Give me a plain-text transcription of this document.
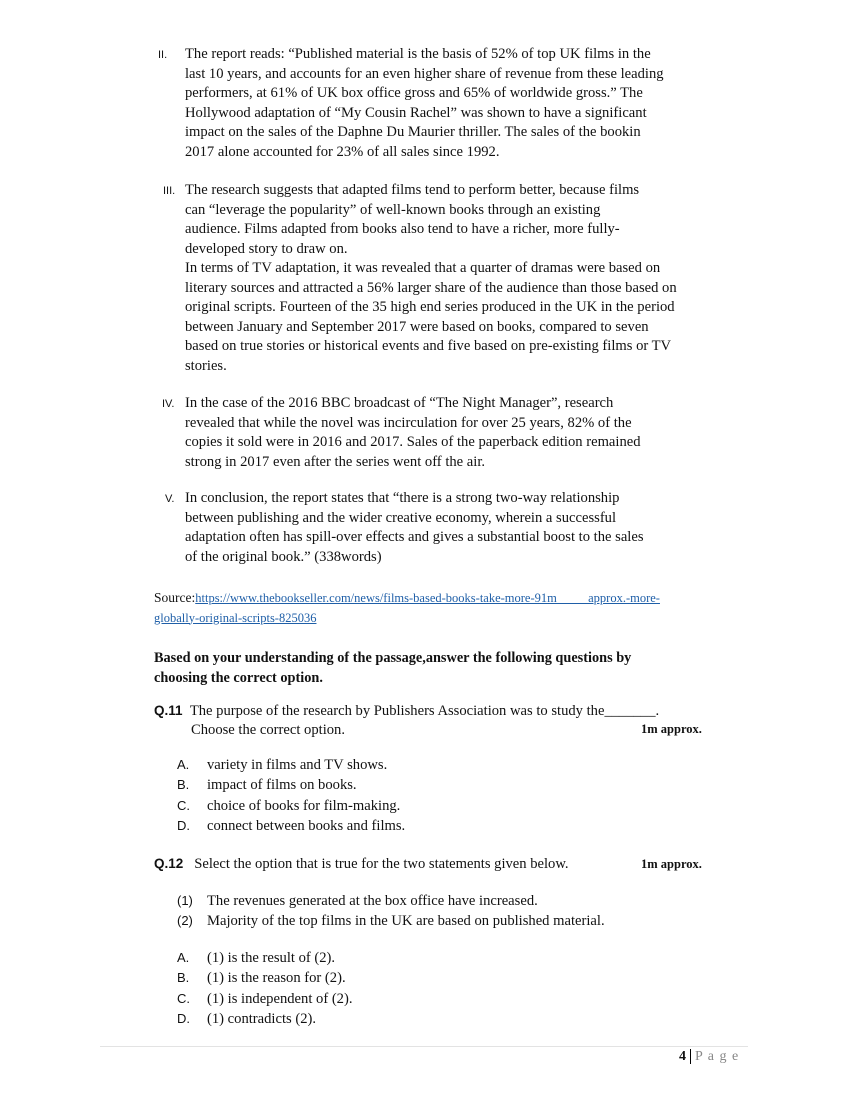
II. The report reads: “Published material is the basis of 52% of top UK films in the
last 10 years, and accounts for an even higher share of revenue from these leading
performers, at 61% of UK box office gross and 65% of worldwide gross.” The
Hollywood adaptation of “My Cousin Rachel” was shown to have a significant
impact on the sales of the Daphne Du Maurier thriller. The sales of the bookin
2017 alone accounted for 23% of all sales since 1992.
III. The research suggests that adapted films tend to perform better, because films
can “leverage the popularity” of well-known books through an existing
audience. Films adapted from books also tend to have a richer, more fully-
developed story to draw on.
In terms of TV adaptation, it was revealed that a quarter of dramas were based on
literary sources and attracted a 56% larger share of the audience than those based on
original scripts. Fourteen of the 35 high end series produced in the UK in the period
between January and September 2017 were based on books, compared to seven
based on true stories or historical events and five based on pre-existing films or TV
stories.
IV. In the case of the 2016 BBC broadcast of “The Night Manager”, research
revealed that while the novel was incirculation for over 25 years, 82% of the
copies it sold were in 2016 and 2017. Sales of the paperback edition remained
strong in 2017 even after the series went off the air.
V. In conclusion, the report states that “there is a strong two-way relationship
between publishing and the wider creative economy, wherein a successful
adaptation often has spill-over effects and gives a substantial boost to the sales
of the original book.” (338words)
Source:https://www.thebookseller.com/news/films-based-books-take-more-91m          approx.-more-
globally-original-scripts-825036
Based on your understanding of the passage,answer the following questions by
choosing the correct option.
Q.11 The purpose of the research by Publishers Association was to study the_______.
Choose the correct option.	1m approx.
A. variety in films and TV shows.
B. impact of films on books.
C. choice of books for film-making.
D. connect between books and films.
Q.12 Select the option that is true for the two statements given below.	1m approx.
(1) The revenues generated at the box office have increased.
(2) Majority of the top films in the UK are based on published material.
A. (1) is the result of (2).
B. (1) is the reason for (2).
C. (1) is independent of (2).
D. (1) contradicts (2).
4 P a g e
